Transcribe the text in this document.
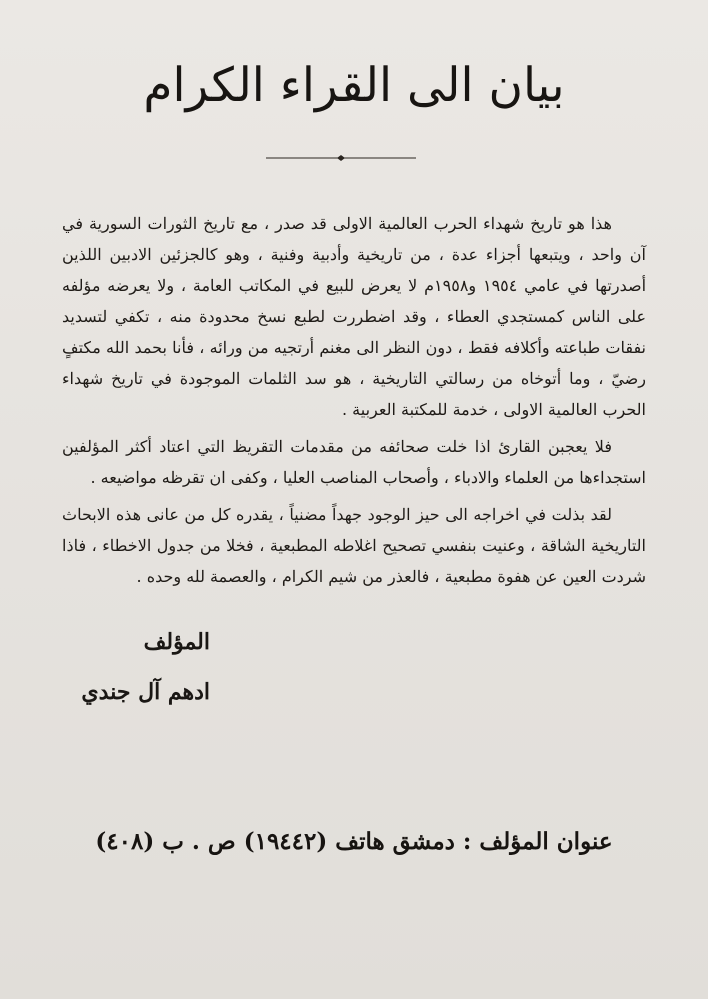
بيان الى القراء الكرام

هذا هو تاريخ شهداء الحرب العالمية الاولى قد صدر ، مع تاريخ الثورات السورية في آن واحد ، ويتبعها أجزاء عدة ، من تاريخية وأدبية وفنية ، وهو كالجزئين الادبين اللذين أصدرتها في عامي ١٩٥٤ و١٩٥٨م لا يعرض للبيع في المكاتب العامة ، ولا يعرضه مؤلفه على الناس كمستجدي العطاء ، وقد اضطررت لطبع نسخ محدودة منه ، تكفي لتسديد نفقات طباعته وأكلافه فقط ، دون النظر الى مغنم أرتجيه من ورائه ، فأنا بحمد الله مكتفٍ رضيّ ، وما أتوخاه من رسالتي التاريخية ، هو سد الثلمات الموجودة في تاريخ شهداء الحرب العالمية الاولى ، خدمة للمكتبة العربية .

فلا يعجبن القارئ اذا خلت صحائفه من مقدمات التقريظ التي اعتاد أكثر المؤلفين استجداءها من العلماء والادباء ، وأصحاب المناصب العليا ، وكفى ان تقرظه مواضيعه .

لقد بذلت في اخراجه الى حيز الوجود جهداً مضنياً ، يقدره كل من عانى هذه الابحاث التاريخية الشاقة ، وعنيت بنفسي تصحيح اغلاطه المطبعية ، فخلا من جدول الاخطاء ، فاذا شردت العين عن هفوة مطبعية ، فالعذر من شيم الكرام ، والعصمة لله وحده .

المؤلف
ادهم آل جندي
عنوان المؤلف : دمشق هاتف (١٩٤٤٢) ص . ب (٤٠٨)
